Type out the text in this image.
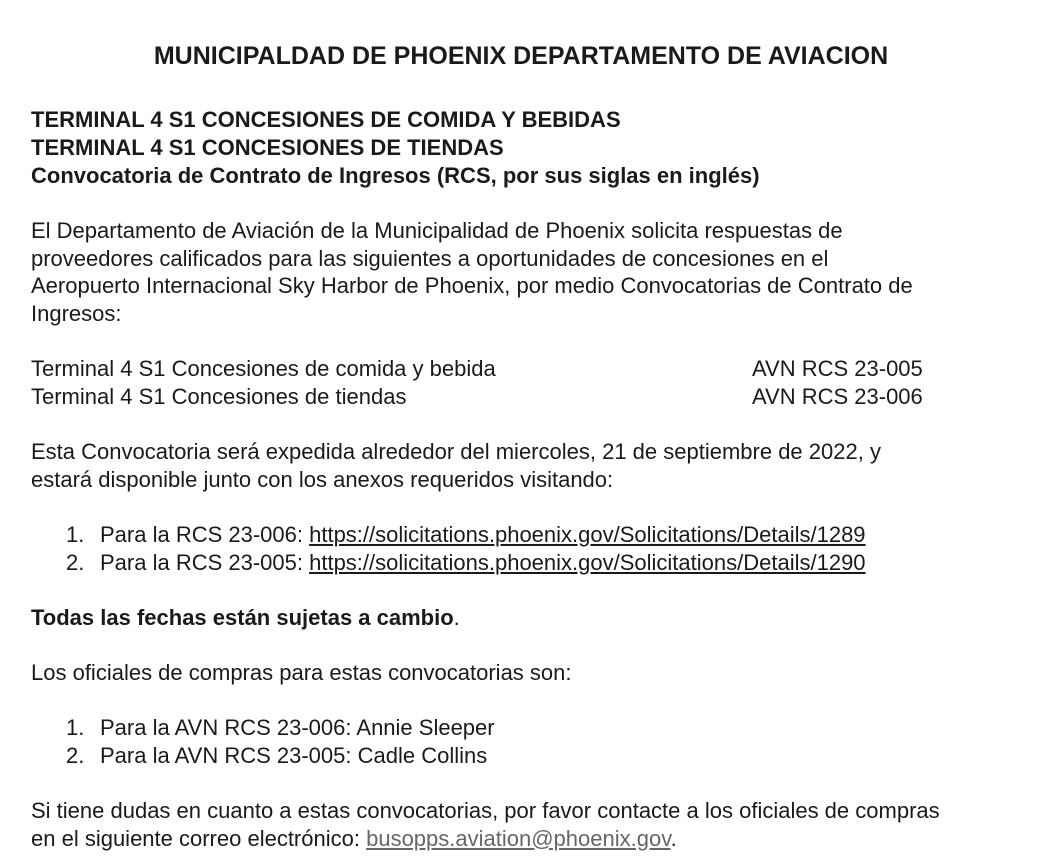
MUNICIPALDAD DE PHOENIX DEPARTAMENTO DE AVIACION
TERMINAL 4 S1 CONCESIONES DE COMIDA Y BEBIDAS
TERMINAL 4 S1 CONCESIONES DE TIENDAS
Convocatoria de Contrato de Ingresos (RCS, por sus siglas en inglés)
El Departamento de Aviación de la Municipalidad de Phoenix solicita respuestas de
proveedores calificados para las siguientes a oportunidades de concesiones en el
Aeropuerto Internacional Sky Harbor de Phoenix, por medio Convocatorias de Contrato de
Ingresos:
Terminal 4 S1 Concesiones de comida y bebida	AVN RCS 23-005
Terminal 4 S1 Concesiones de tiendas	AVN RCS 23-006
Esta Convocatoria será expedida alrededor del miercoles, 21 de septiembre de 2022, y
estará disponible junto con los anexos requeridos visitando:
1. Para la RCS 23-006: https://solicitations.phoenix.gov/Solicitations/Details/1289
2. Para la RCS 23-005: https://solicitations.phoenix.gov/Solicitations/Details/1290
Todas las fechas están sujetas a cambio.
Los oficiales de compras para estas convocatorias son:
1. Para la AVN RCS 23-006: Annie Sleeper
2. Para la AVN RCS 23-005: Cadle Collins
Si tiene dudas en cuanto a estas convocatorias, por favor contacte a los oficiales de compras
en el siguiente correo electrónico: busopps.aviation@phoenix.gov.
